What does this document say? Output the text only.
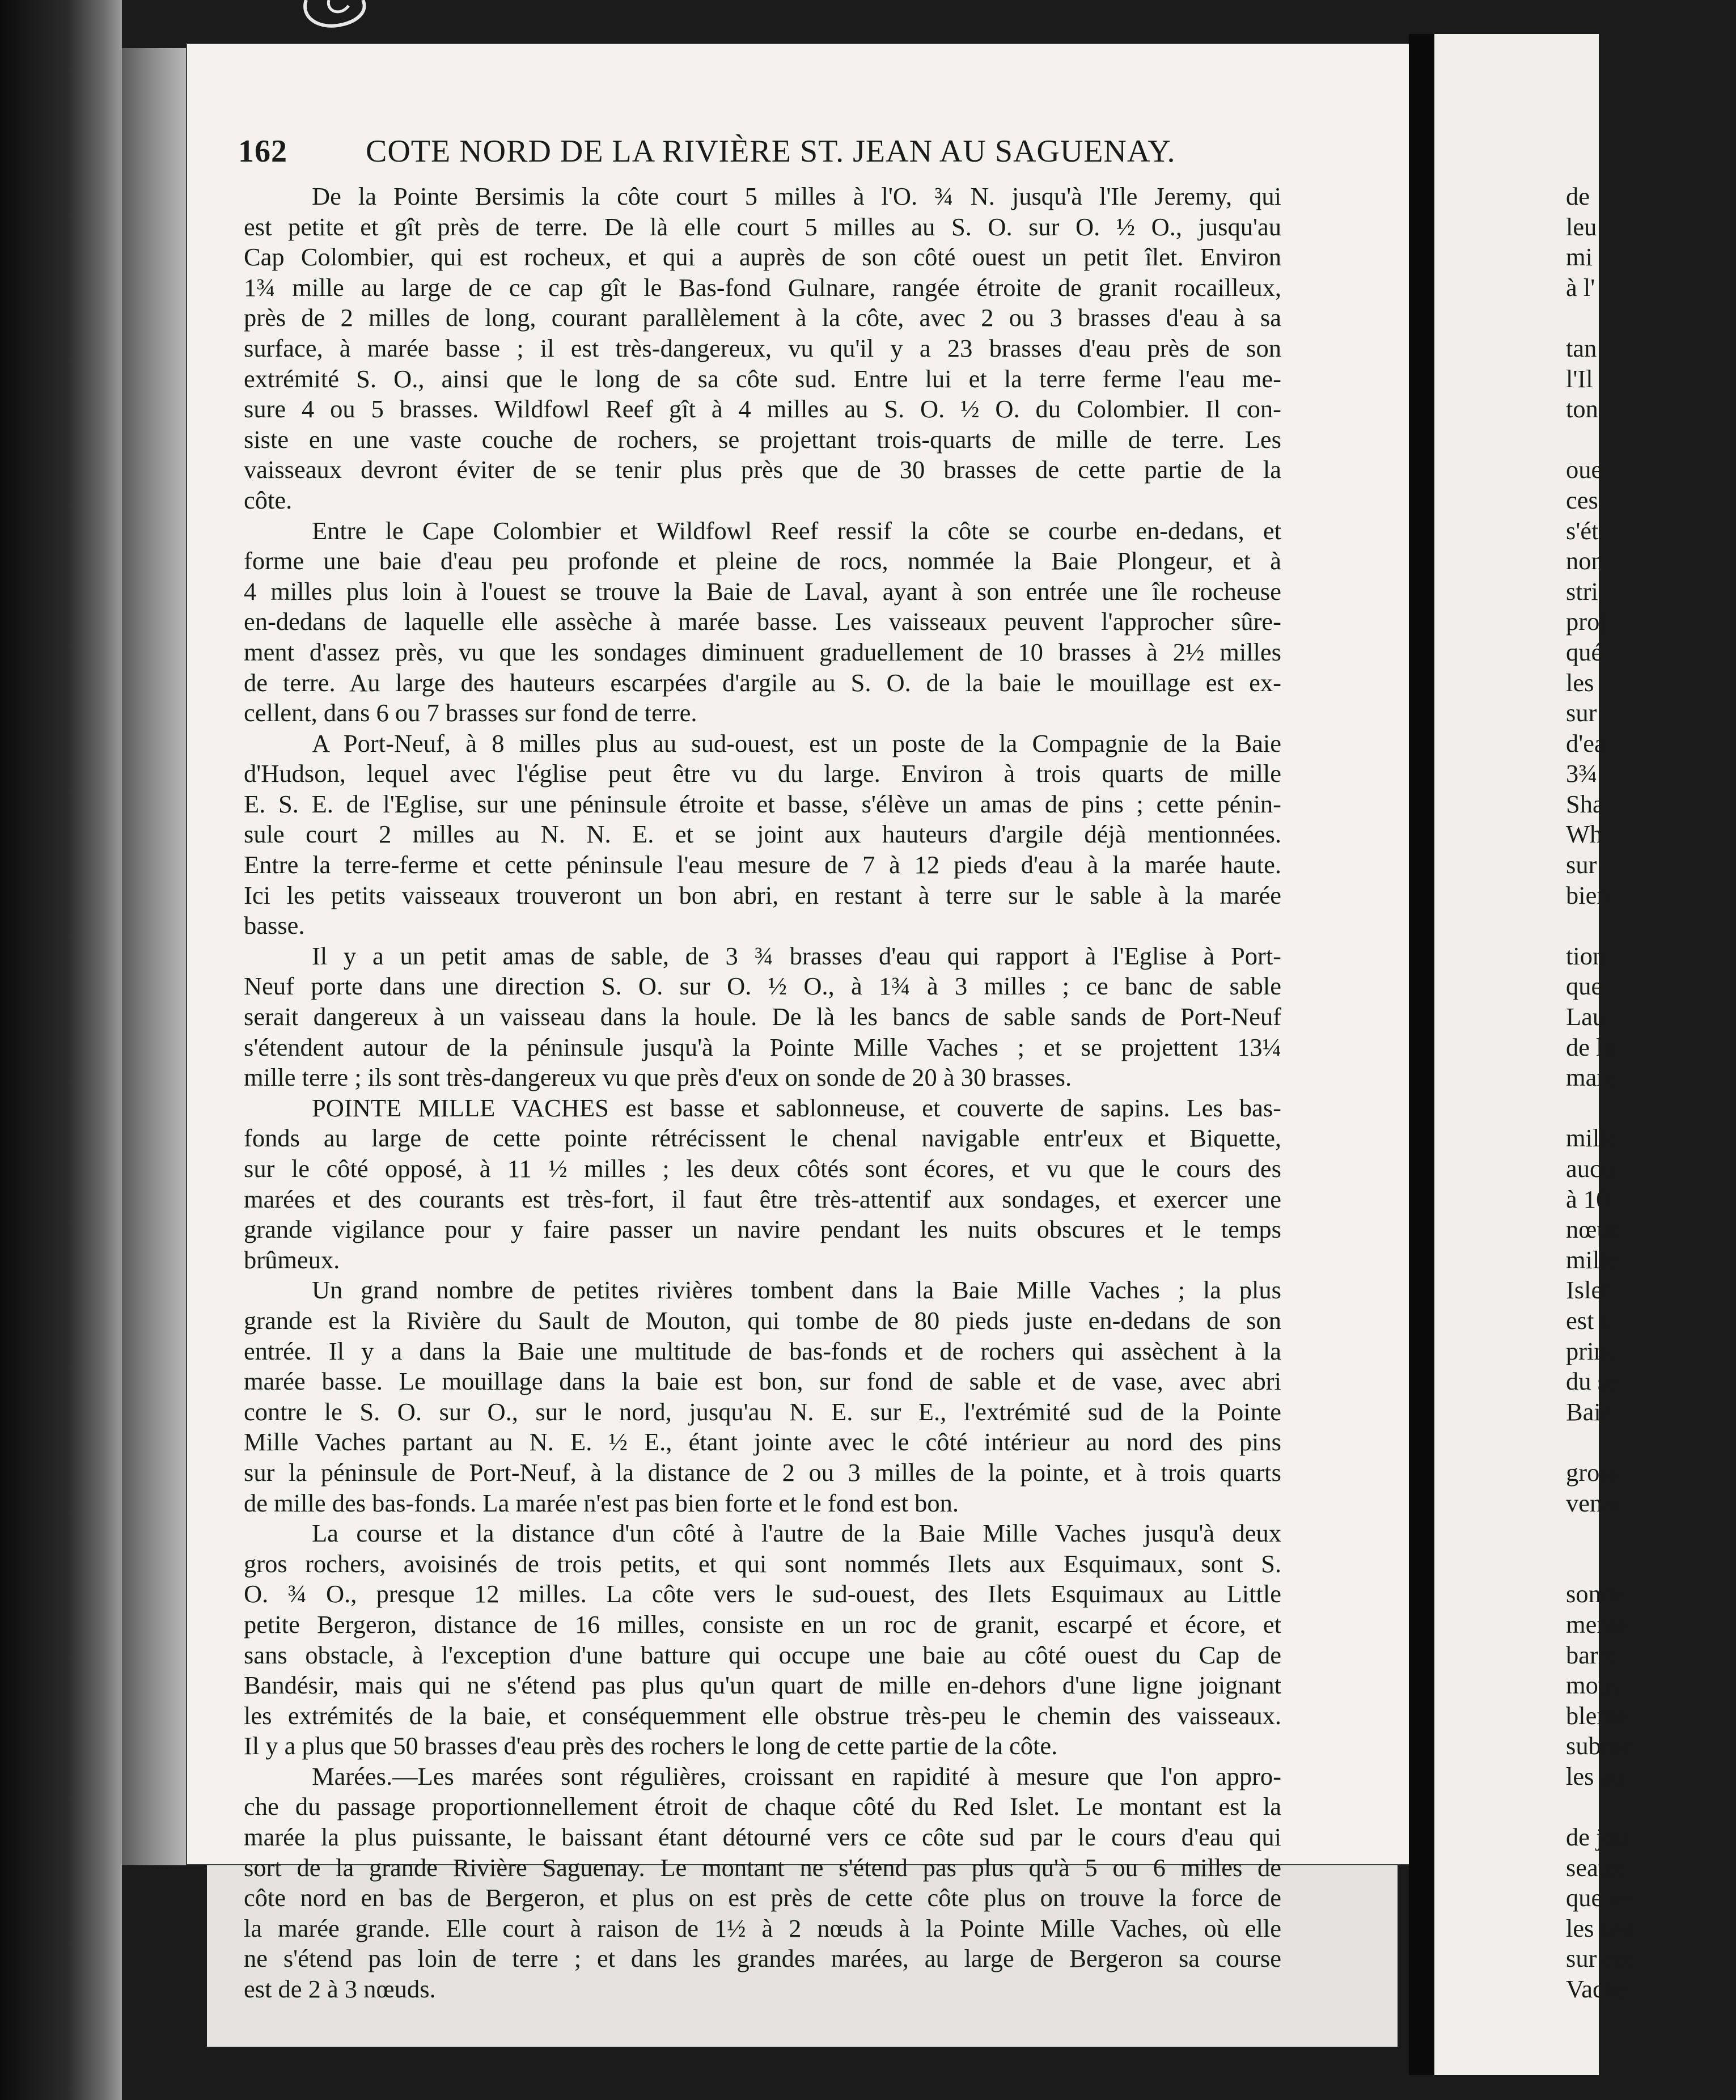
162 COTE NORD DE LA RIVIÈRE ST. JEAN AU SAGUENAY.

De la Pointe Bersimis la côte court 5 milles à l'O. ¾ N. jusqu'à l'Ile Jeremy, qui
est petite et gît près de terre. De là elle court 5 milles au S. O. sur O. ½ O., jusqu'au
Cap Colombier, qui est rocheux, et qui a auprès de son côté ouest un petit îlet. Environ
1¾ mille au large de ce cap gît le Bas-fond Gulnare, rangée étroite de granit rocailleux,
près de 2 milles de long, courant parallèlement à la côte, avec 2 ou 3 brasses d'eau à sa
surface, à marée basse ; il est très-dangereux, vu qu'il y a 23 brasses d'eau près de son
extrémité S. O., ainsi que le long de sa côte sud. Entre lui et la terre ferme l'eau me-
sure 4 ou 5 brasses. Wildfowl Reef gît à 4 milles au S. O. ½ O. du Colombier. Il con-
siste en une vaste couche de rochers, se projettant trois-quarts de mille de terre. Les
vaisseaux devront éviter de se tenir plus près que de 30 brasses de cette partie de la
côte.

Entre le Cape Colombier et Wildfowl Reef ressif la côte se courbe en-dedans, et
forme une baie d'eau peu profonde et pleine de rocs, nommée la Baie Plongeur, et à
4 milles plus loin à l'ouest se trouve la Baie de Laval, ayant à son entrée une île rocheuse
en-dedans de laquelle elle assèche à marée basse. Les vaisseaux peuvent l'approcher sûre-
ment d'assez près, vu que les sondages diminuent graduellement de 10 brasses à 2½ milles
de terre. Au large des hauteurs escarpées d'argile au S. O. de la baie le mouillage est ex-
cellent, dans 6 ou 7 brasses sur fond de terre.

A Port-Neuf, à 8 milles plus au sud-ouest, est un poste de la Compagnie de la Baie
d'Hudson, lequel avec l'église peut être vu du large. Environ à trois quarts de mille
E. S. E. de l'Eglise, sur une péninsule étroite et basse, s'élève un amas de pins ; cette pénin-
sule court 2 milles au N. N. E. et se joint aux hauteurs d'argile déjà mentionnées.
Entre la terre-ferme et cette péninsule l'eau mesure de 7 à 12 pieds d'eau à la marée haute.
Ici les petits vaisseaux trouveront un bon abri, en restant à terre sur le sable à la marée
basse.

Il y a un petit amas de sable, de 3 ¾ brasses d'eau qui rapport à l'Eglise à Port-
Neuf porte dans une direction S. O. sur O. ½ O., à 1¾ à 3 milles ; ce banc de sable
serait dangereux à un vaisseau dans la houle. De là les bancs de sable sands de Port-Neuf
s'étendent autour de la péninsule jusqu'à la Pointe Mille Vaches ; et se projettent 13¼
mille terre ; ils sont très-dangereux vu que près d'eux on sonde de 20 à 30 brasses.

POINTE MILLE VACHES est basse et sablonneuse, et couverte de sapins. Les bas-
fonds au large de cette pointe rétrécissent le chenal navigable entr'eux et Biquette,
sur le côté opposé, à 11 ½ milles ; les deux côtés sont écores, et vu que le cours des
marées et des courants est très-fort, il faut être très-attentif aux sondages, et exercer une
grande vigilance pour y faire passer un navire pendant les nuits obscures et le temps
brûmeux.

Un grand nombre de petites rivières tombent dans la Baie Mille Vaches ; la plus
grande est la Rivière du Sault de Mouton, qui tombe de 80 pieds juste en-dedans de son
entrée. Il y a dans la Baie une multitude de bas-fonds et de rochers qui assèchent à la
marée basse. Le mouillage dans la baie est bon, sur fond de sable et de vase, avec abri
contre le S. O. sur O., sur le nord, jusqu'au N. E. sur E., l'extrémité sud de la Pointe
Mille Vaches partant au N. E. ½ E., étant jointe avec le côté intérieur au nord des pins
sur la péninsule de Port-Neuf, à la distance de 2 ou 3 milles de la pointe, et à trois quarts
de mille des bas-fonds. La marée n'est pas bien forte et le fond est bon.

La course et la distance d'un côté à l'autre de la Baie Mille Vaches jusqu'à deux
gros rochers, avoisinés de trois petits, et qui sont nommés Ilets aux Esquimaux, sont S.
O. ¾ O., presque 12 milles. La côte vers le sud-ouest, des Ilets Esquimaux au Little
petite Bergeron, distance de 16 milles, consiste en un roc de granit, escarpé et écore, et
sans obstacle, à l'exception d'une batture qui occupe une baie au côté ouest du Cap de
Bandésir, mais qui ne s'étend pas plus qu'un quart de mille en-dehors d'une ligne joignant
les extrémités de la baie, et conséquemment elle obstrue très-peu le chemin des vaisseaux.
Il y a plus que 50 brasses d'eau près des rochers le long de cette partie de la côte.

Marées.—Les marées sont régulières, croissant en rapidité à mesure que l'on appro-
che du passage proportionnellement étroit de chaque côté du Red Islet. Le montant est la
marée la plus puissante, le baissant étant détourné vers ce côte sud par le cours d'eau qui
sort de la grande Rivière Saguenay. Le montant ne s'étend pas plus qu'à 5 ou 6 milles de
côte nord en bas de Bergeron, et plus on est près de cette côte plus on trouve la force de
la marée grande. Elle court à raison de 1½ à 2 nœuds à la Pointe Mille Vaches, où elle
ne s'étend pas loin de terre ; et dans les grandes marées, au large de Bergeron sa course
est de 2 à 3 nœuds.

de
leu
mi
à l'
tan
l'Il
ton
oue
ces
s'ét
non
stri
proj
qué
les
sur
d'ea
3¾
Sha
Wh
sur
bien
tion
que
Lau
de la
mare
mille
aucu
à 10
nœuc
mille
Islet
est s
princ
du se
Baie
gross
venar
sonde
mente
barre
mous
bleme
subme
les au
de jou
seaux
que ve
les seu
sur cet
Vache
